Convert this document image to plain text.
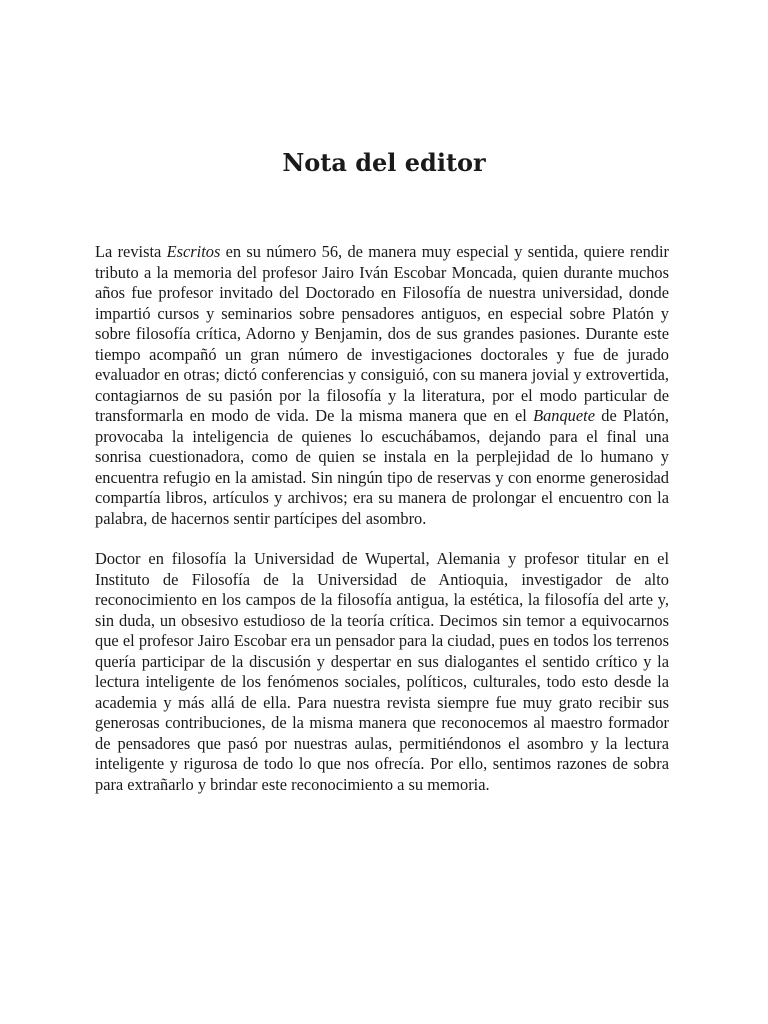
Nota del editor

La revista Escritos en su número 56, de manera muy especial y sentida, quiere rendir tributo a la memoria del profesor Jairo Iván Escobar Moncada, quien durante muchos años fue profesor invitado del Doctorado en Filosofía de nuestra universidad, donde impartió cursos y seminarios sobre pensadores antiguos, en especial sobre Platón y sobre filosofía crítica, Adorno y Benjamin, dos de sus grandes pasiones. Durante este tiempo acompañó un gran número de investigaciones doctorales y fue de jurado evaluador en otras; dictó conferencias y consiguió, con su manera jovial y extrovertida, contagiarnos de su pasión por la filosofía y la literatura, por el modo particular de transformarla en modo de vida. De la misma manera que en el Banquete de Platón, provocaba la inteligencia de quienes lo escuchábamos, dejando para el final una sonrisa cuestionadora, como de quien se instala en la perplejidad de lo humano y encuentra refugio en la amistad. Sin ningún tipo de reservas y con enorme generosidad compartía libros, artículos y archivos; era su manera de prolongar el encuentro con la palabra, de hacernos sentir partícipes del asombro.

Doctor en filosofía la Universidad de Wupertal, Alemania y profesor titular en el Instituto de Filosofía de la Universidad de Antioquia, investigador de alto reconocimiento en los campos de la filosofía antigua, la estética, la filosofía del arte y, sin duda, un obsesivo estudioso de la teoría crítica. Decimos sin temor a equivocarnos que el profesor Jairo Escobar era un pensador para la ciudad, pues en todos los terrenos quería participar de la discusión y despertar en sus dialogantes el sentido crítico y la lectura inteligente de los fenómenos sociales, políticos, culturales, todo esto desde la academia y más allá de ella. Para nuestra revista siempre fue muy grato recibir sus generosas contribuciones, de la misma manera que reconocemos al maestro formador de pensadores que pasó por nuestras aulas, permitiéndonos el asombro y la lectura inteligente y rigurosa de todo lo que nos ofrecía. Por ello, sentimos razones de sobra para extrañarlo y brindar este reconocimiento a su memoria.
